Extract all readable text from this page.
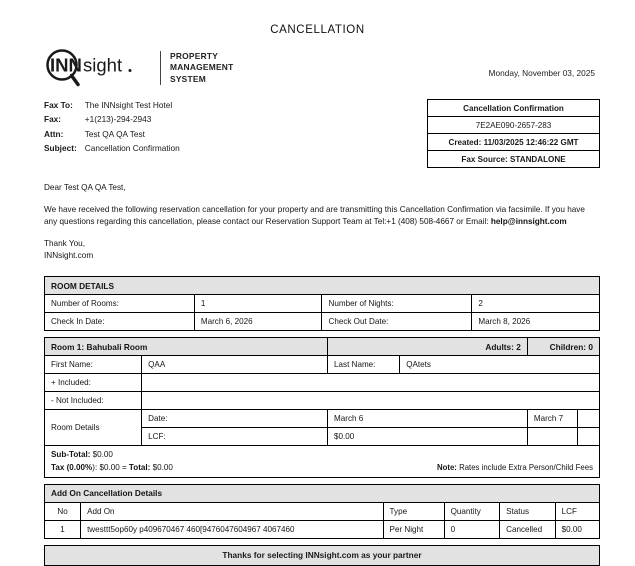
CANCELLATION
INN sight	PROPERTY
MANAGEMENT
SYSTEM
Monday, November 03, 2025
Fax To:	The INNsight Test Hotel
Fax:	+1(213)-294-2943
Attn:	Test QA QA Test
Subject:	Cancellation Confirmation
Cancellation Confirmation
7E2AE090-2657-283
Created: 11/03/2025 12:46:22 GMT
Fax Source: STANDALONE

Dear Test QA QA Test,

We have received the following reservation cancellation for your property and are transmitting this Cancellation Confirmation via facsimile. If you have any questions regarding this cancellation, please contact our Reservation Support Team at Tel:+1 (408) 508-4667 or Email: help@innsight.com

Thank You,
INNsight.com

ROOM DETAILS			
Number of Rooms:	1	Number of Nights:	2
Check In Date:	March 6, 2026	Check Out Date:	March 8, 2026
Room 1: Bahubali Room		Adults: 2		Children: 0	
First Name:	QAA	Last Name:	QAtets		
+ Included:					
- Not Included:					
Room Details	Date:	March 6		March 7	
	LCF:	$0.00			

Sub-Total: $0.00
Tax (0.00%): $0.00 = Total: $0.00 Note: Rates include Extra Person/Child Fees					
Add On Cancellation Details					
No	Add On	Type	Quantity	Status	LCF
1	twesttt5op60y p409670467 460[9476047604967 4067460	Per Night	0	Cancelled	$0.00
Thanks for selecting INNsight.com as your partner
